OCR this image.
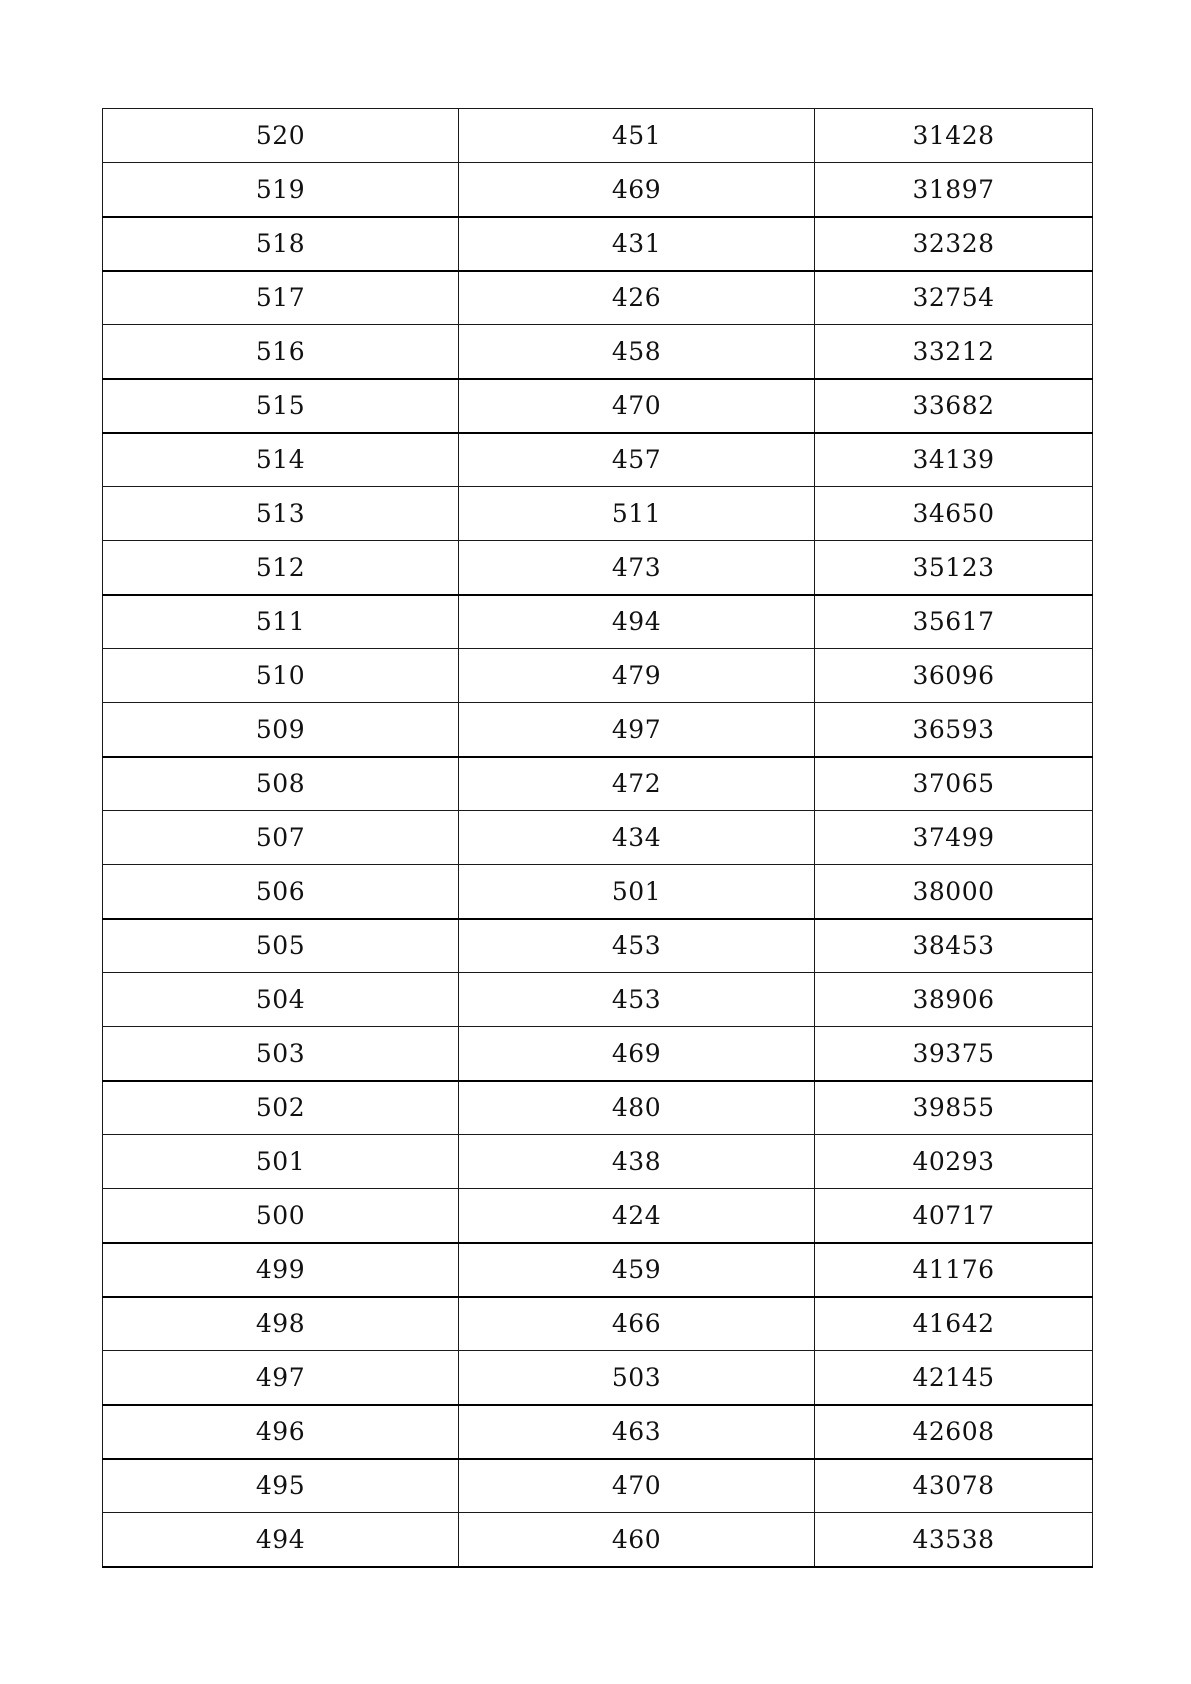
520	451	31428
519	469	31897
518	431	32328
517	426	32754
516	458	33212
515	470	33682
514	457	34139
513	511	34650
512	473	35123
511	494	35617
510	479	36096
509	497	36593
508	472	37065
507	434	37499
506	501	38000
505	453	38453
504	453	38906
503	469	39375
502	480	39855
501	438	40293
500	424	40717
499	459	41176
498	466	41642
497	503	42145
496	463	42608
495	470	43078
494	460	43538
